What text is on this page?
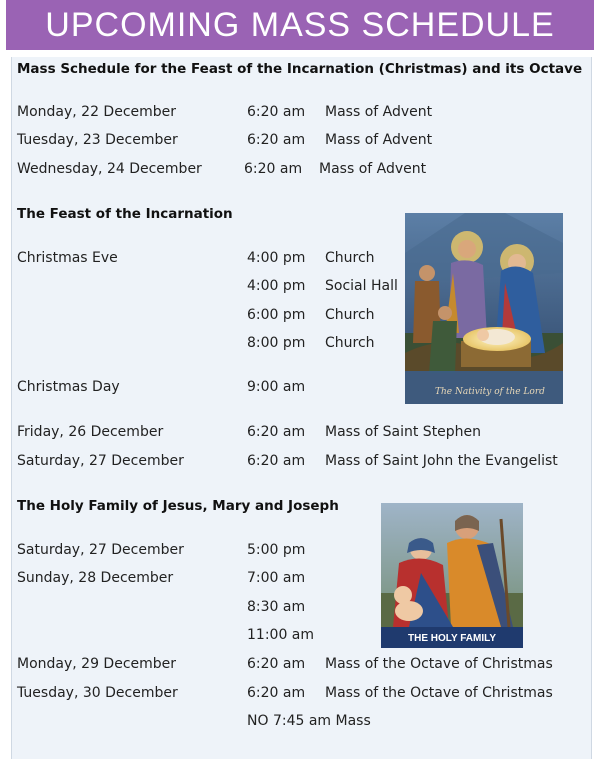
UPCOMING MASS SCHEDULE
Mass Schedule for the Feast of the Incarnation (Christmas) and its Octave
Monday, 22 December	6:20 am Mass of Advent
Tuesday, 23 December	6:20 am Mass of Advent
Wednesday, 24 December	6:20 am Mass of Advent
The Feast of the Incarnation
Christmas Eve	4:00 pm Church
4:00 pm Social Hall
6:00 pm Church
8:00 pm Church
Christmas Day	9:00 am
Friday, 26 December	6:20 am Mass of Saint Stephen
Saturday, 27 December	6:20 am Mass of Saint John the Evangelist
The Nativity of the Lord
The Holy Family of Jesus, Mary and Joseph
Saturday, 27 December	5:00 pm
Sunday, 28 December	7:00 am
8:30 am
11:00 am
Monday, 29 December	6:20 am Mass of the Octave of Christmas
Tuesday, 30 December	6:20 am Mass of the Octave of Christmas
NO 7:45 am Mass
THE HOLY FAMILY
